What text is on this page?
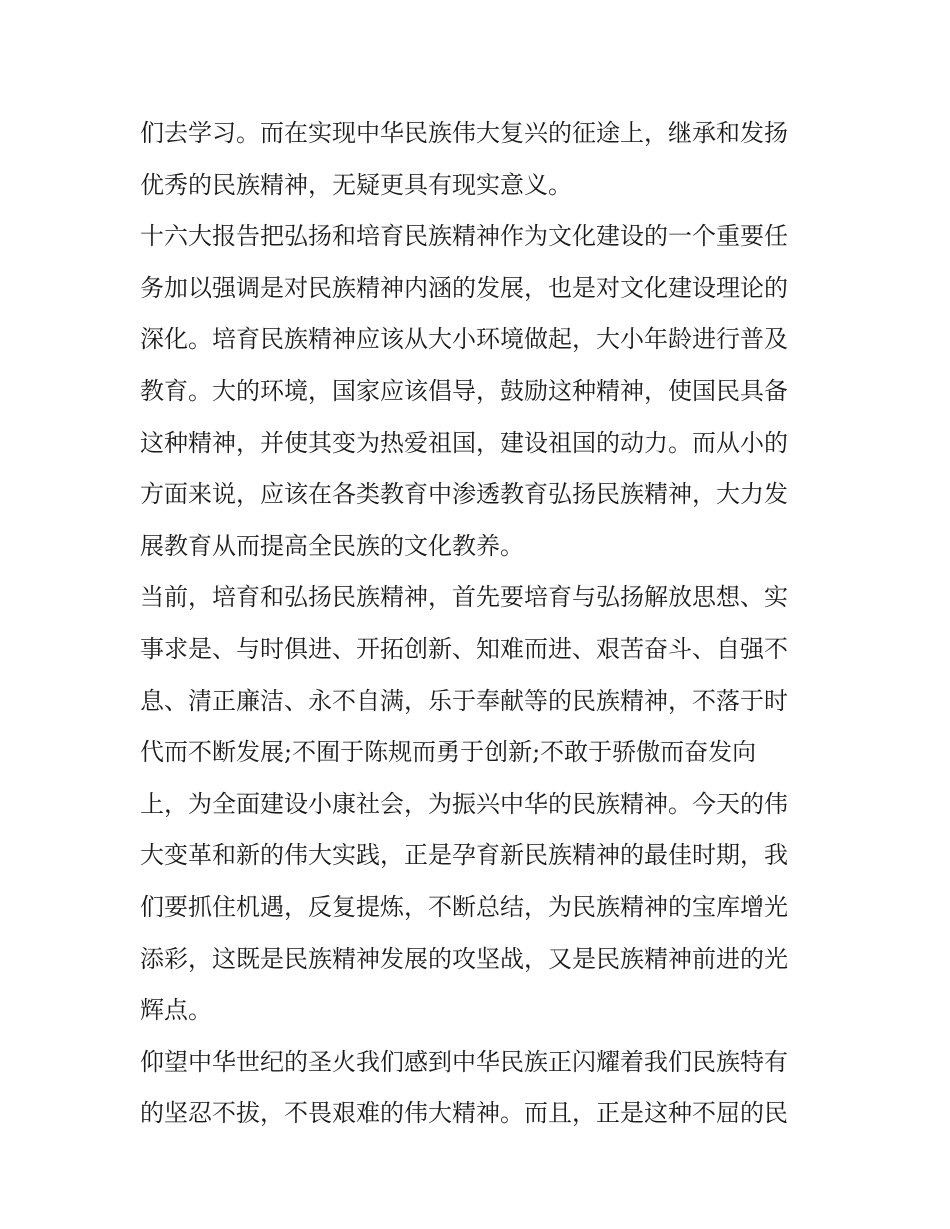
们去学习。而在实现中华民族伟大复兴的征途上，继承和发扬
优秀的民族精神，无疑更具有现实意义。
十六大报告把弘扬和培育民族精神作为文化建设的一个重要任
务加以强调是对民族精神内涵的发展，也是对文化建设理论的
深化。培育民族精神应该从大小环境做起，大小年龄进行普及
教育。大的环境，国家应该倡导，鼓励这种精神，使国民具备
这种精神，并使其变为热爱祖国，建设祖国的动力。而从小的
方面来说，应该在各类教育中渗透教育弘扬民族精神，大力发
展教育从而提高全民族的文化教养。
当前，培育和弘扬民族精神，首先要培育与弘扬解放思想、实
事求是、与时俱进、开拓创新、知难而进、艰苦奋斗、自强不
息、清正廉洁、永不自满，乐于奉献等的民族精神，不落于时
代而不断发展;不囿于陈规而勇于创新;不敢于骄傲而奋发向
上，为全面建设小康社会，为振兴中华的民族精神。今天的伟
大变革和新的伟大实践，正是孕育新民族精神的最佳时期，我
们要抓住机遇，反复提炼，不断总结，为民族精神的宝库增光
添彩，这既是民族精神发展的攻坚战，又是民族精神前进的光
辉点。
仰望中华世纪的圣火我们感到中华民族正闪耀着我们民族特有
的坚忍不拔，不畏艰难的伟大精神。而且，正是这种不屈的民
